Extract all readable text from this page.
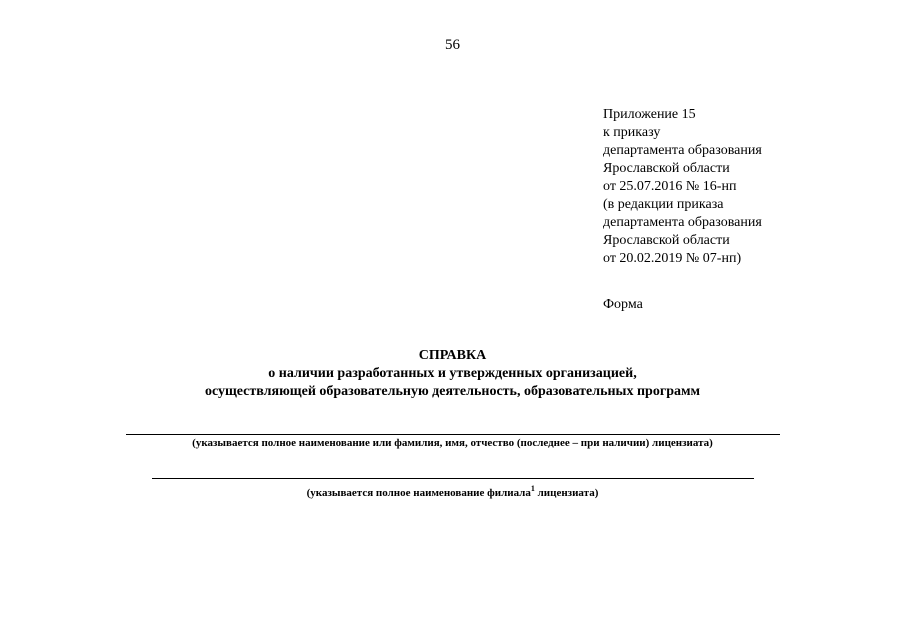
56
Приложение 15
к приказу
департамента образования
Ярославской области
от 25.07.2016 № 16-нп
(в редакции приказа
департамента образования
Ярославской области
от 20.02.2019 № 07-нп)
Форма
СПРАВКА
о наличии разработанных и утвержденных организацией,
осуществляющей образовательную деятельность, образовательных программ
(указывается полное наименование или фамилия, имя, отчество (последнее – при наличии) лицензиата)
(указывается полное наименование филиала$^1$ лицензиата)
